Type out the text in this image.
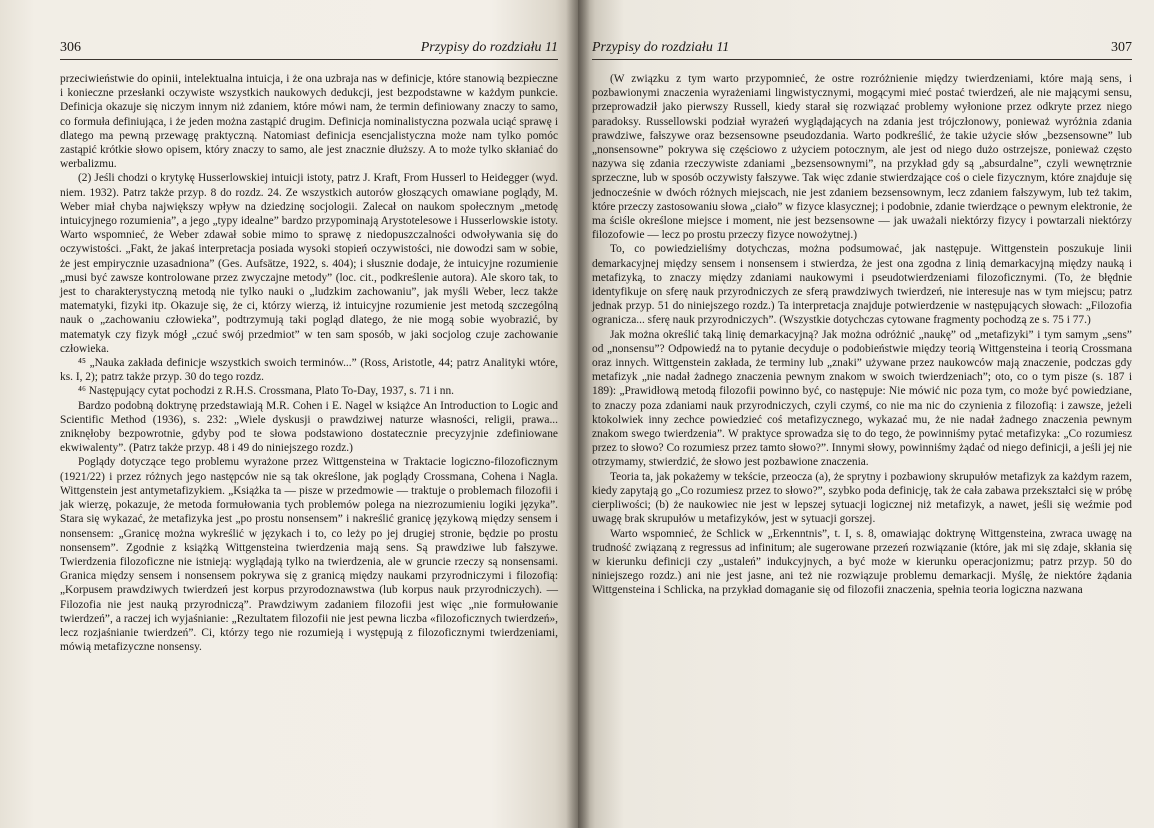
306	Przypisy do rozdziału 11

przeciwieństwie do opinii, intelektualna intuicja, i że ona uzbraja nas w definicje, które stanowią bezpieczne i konieczne przesłanki oczywiste wszystkich naukowych dedukcji, jest bezpodstawne w każdym punkcie. Definicja okazuje się niczym innym niż zdaniem, które mówi nam, że termin definiowany znaczy to samo, co formuła definiująca, i że jeden można zastąpić drugim. Definicja nominalistyczna pozwala uciąć sprawę i dlatego ma pewną przewagę praktyczną. Natomiast definicja esencjalistyczna może nam tylko pomóc zastąpić krótkie słowo opisem, który znaczy to samo, ale jest znacznie dłuższy. A to może tylko skłaniać do werbalizmu.

(2) Jeśli chodzi o krytykę Husserlowskiej intuicji istoty, patrz J. Kraft, From Husserl to Heidegger (wyd. niem. 1932). Patrz także przyp. 8 do rozdz. 24. Ze wszystkich autorów głoszących omawiane poglądy, M. Weber miał chyba największy wpływ na dziedzinę socjologii. Zalecał on naukom społecznym „metodę intuicyjnego rozumienia”, a jego „typy idealne” bardzo przypominają Arystotelesowe i Husserlowskie istoty. Warto wspomnieć, że Weber zdawał sobie mimo to sprawę z niedopuszczalności odwoływania się do oczywistości. „Fakt, że jakaś interpretacja posiada wysoki stopień oczywistości, nie dowodzi sam w sobie, że jest empirycznie uzasadniona” (Ges. Aufsätze, 1922, s. 404); i słusznie dodaje, że intuicyjne rozumienie „musi być zawsze kontrolowane przez zwyczajne metody” (loc. cit., podkreślenie autora). Ale skoro tak, to jest to charakterystyczną metodą nie tylko nauki o „ludzkim zachowaniu”, jak myśli Weber, lecz także matematyki, fizyki itp. Okazuje się, że ci, którzy wierzą, iż intuicyjne rozumienie jest metodą szczególną nauk o „zachowaniu człowieka”, podtrzymują taki pogląd dlatego, że nie mogą sobie wyobrazić, by matematyk czy fizyk mógł „czuć swój przedmiot” w ten sam sposób, w jaki socjolog czuje zachowanie człowieka.

⁴⁵ „Nauka zakłada definicje wszystkich swoich terminów...” (Ross, Aristotle, 44; patrz Analityki wtóre, ks. I, 2); patrz także przyp. 30 do tego rozdz.

⁴⁶ Następujący cytat pochodzi z R.H.S. Crossmana, Plato To-Day, 1937, s. 71 i nn.

Bardzo podobną doktrynę przedstawiają M.R. Cohen i E. Nagel w książce An Introduction to Logic and Scientific Method (1936), s. 232: „Wiele dyskusji o prawdziwej naturze własności, religii, prawa... zniknęłoby bezpowrotnie, gdyby pod te słowa podstawiono dostatecznie precyzyjnie zdefiniowane ekwiwalenty”. (Patrz także przyp. 48 i 49 do niniejszego rozdz.)

Poglądy dotyczące tego problemu wyrażone przez Wittgensteina w Traktacie logiczno-filozoficznym (1921/22) i przez różnych jego następców nie są tak określone, jak poglądy Crossmana, Cohena i Nagla. Wittgenstein jest antymetafizykiem. „Książka ta — pisze w przedmowie — traktuje o problemach filozofii i jak wierzę, pokazuje, że metoda formułowania tych problemów polega na niezrozumieniu logiki języka”. Stara się wykazać, że metafizyka jest „po prostu nonsensem” i nakreślić granicę językową między sensem i nonsensem: „Granicę można wykreślić w językach i to, co leży po jej drugiej stronie, będzie po prostu nonsensem”. Zgodnie z książką Wittgensteina twierdzenia mają sens. Są prawdziwe lub fałszywe. Twierdzenia filozoficzne nie istnieją: wyglądają tylko na twierdzenia, ale w gruncie rzeczy są nonsensami. Granica między sensem i nonsensem pokrywa się z granicą między naukami przyrodniczymi i filozofią: „Korpusem prawdziwych twierdzeń jest korpus przyrodoznawstwa (lub korpus nauk przyrodniczych). — Filozofia nie jest nauką przyrodniczą”. Prawdziwym zadaniem filozofii jest więc „nie formułowanie twierdzeń”, a raczej ich wyjaśnianie: „Rezultatem filozofii nie jest pewna liczba «filozoficznych twierdzeń», lecz rozjaśnianie twierdzeń”. Ci, którzy tego nie rozumieją i występują z filozoficznymi twierdzeniami, mówią metafizyczne nonsensy.

Przypisy do rozdziału 11	307

(W związku z tym warto przypomnieć, że ostre rozróżnienie między twierdzeniami, które mają sens, i pozbawionymi znaczenia wyrażeniami lingwistycznymi, mogącymi mieć postać twierdzeń, ale nie mającymi sensu, przeprowadził jako pierwszy Russell, kiedy starał się rozwiązać problemy wyłonione przez odkryte przez niego paradoksy. Russellowski podział wyrażeń wyglądających na zdania jest trójczłonowy, ponieważ wyróżnia zdania prawdziwe, fałszywe oraz bezsensowne pseudozdania. Warto podkreślić, że takie użycie słów „bezsensowne” lub „nonsensowne” pokrywa się częściowo z użyciem potocznym, ale jest od niego dużo ostrzejsze, ponieważ często nazywa się zdania rzeczywiste zdaniami „bezsensownymi”, na przykład gdy są „absurdalne”, czyli wewnętrznie sprzeczne, lub w sposób oczywisty fałszywe. Tak więc zdanie stwierdzające coś o ciele fizycznym, które znajduje się jednocześnie w dwóch różnych miejscach, nie jest zdaniem bezsensownym, lecz zdaniem fałszywym, lub też takim, które przeczy zastosowaniu słowa „ciało” w fizyce klasycznej; i podobnie, zdanie twierdzące o pewnym elektronie, że ma ściśle określone miejsce i moment, nie jest bezsensowne — jak uważali niektórzy fizycy i powtarzali niektórzy filozofowie — lecz po prostu przeczy fizyce nowożytnej.)

To, co powiedzieliśmy dotychczas, można podsumować, jak następuje. Wittgenstein poszukuje linii demarkacyjnej między sensem i nonsensem i stwierdza, że jest ona zgodna z linią demarkacyjną między nauką i metafizyką, to znaczy między zdaniami naukowymi i pseudotwierdzeniami filozoficznymi. (To, że błędnie identyfikuje on sferę nauk przyrodniczych ze sferą prawdziwych twierdzeń, nie interesuje nas w tym miejscu; patrz jednak przyp. 51 do niniejszego rozdz.) Ta interpretacja znajduje potwierdzenie w następujących słowach: „Filozofia ogranicza... sferę nauk przyrodniczych”. (Wszystkie dotychczas cytowane fragmenty pochodzą ze s. 75 i 77.)

Jak można określić taką linię demarkacyjną? Jak można odróżnić „naukę” od „metafizyki” i tym samym „sens” od „nonsensu”? Odpowiedź na to pytanie decyduje o podobieństwie między teorią Wittgensteina i teorią Crossmana oraz innych. Wittgenstein zakłada, że terminy lub „znaki” używane przez naukowców mają znaczenie, podczas gdy metafizyk „nie nadał żadnego znaczenia pewnym znakom w swoich twierdzeniach”; oto, co o tym pisze (s. 187 i 189): „Prawidłową metodą filozofii powinno być, co następuje: Nie mówić nic poza tym, co może być powiedziane, to znaczy poza zdaniami nauk przyrodniczych, czyli czymś, co nie ma nic do czynienia z filozofią: i zawsze, jeżeli ktokolwiek inny zechce powiedzieć coś metafizycznego, wykazać mu, że nie nadał żadnego znaczenia pewnym znakom swego twierdzenia”. W praktyce sprowadza się to do tego, że powinniśmy pytać metafizyka: „Co rozumiesz przez to słowo? Co rozumiesz przez tamto słowo?”. Innymi słowy, powinniśmy żądać od niego definicji, a jeśli jej nie otrzymamy, stwierdzić, że słowo jest pozbawione znaczenia.

Teoria ta, jak pokażemy w tekście, przeocza (a), że sprytny i pozbawiony skrupułów metafizyk za każdym razem, kiedy zapytają go „Co rozumiesz przez to słowo?”, szybko poda definicję, tak że cała zabawa przekształci się w próbę cierpliwości; (b) że naukowiec nie jest w lepszej sytuacji logicznej niż metafizyk, a nawet, jeśli się weźmie pod uwagę brak skrupułów u metafizyków, jest w sytuacji gorszej.

Warto wspomnieć, że Schlick w „Erkenntnis”, t. I, s. 8, omawiając doktrynę Wittgensteina, zwraca uwagę na trudność związaną z regressus ad infinitum; ale sugerowane przezeń rozwiązanie (które, jak mi się zdaje, skłania się w kierunku definicji czy „ustaleń” indukcyjnych, a być może w kierunku operacjonizmu; patrz przyp. 50 do niniejszego rozdz.) ani nie jest jasne, ani też nie rozwiązuje problemu demarkacji. Myślę, że niektóre żądania Wittgensteina i Schlicka, na przykład domaganie się od filozofii znaczenia, spełnia teoria logiczna nazwana
